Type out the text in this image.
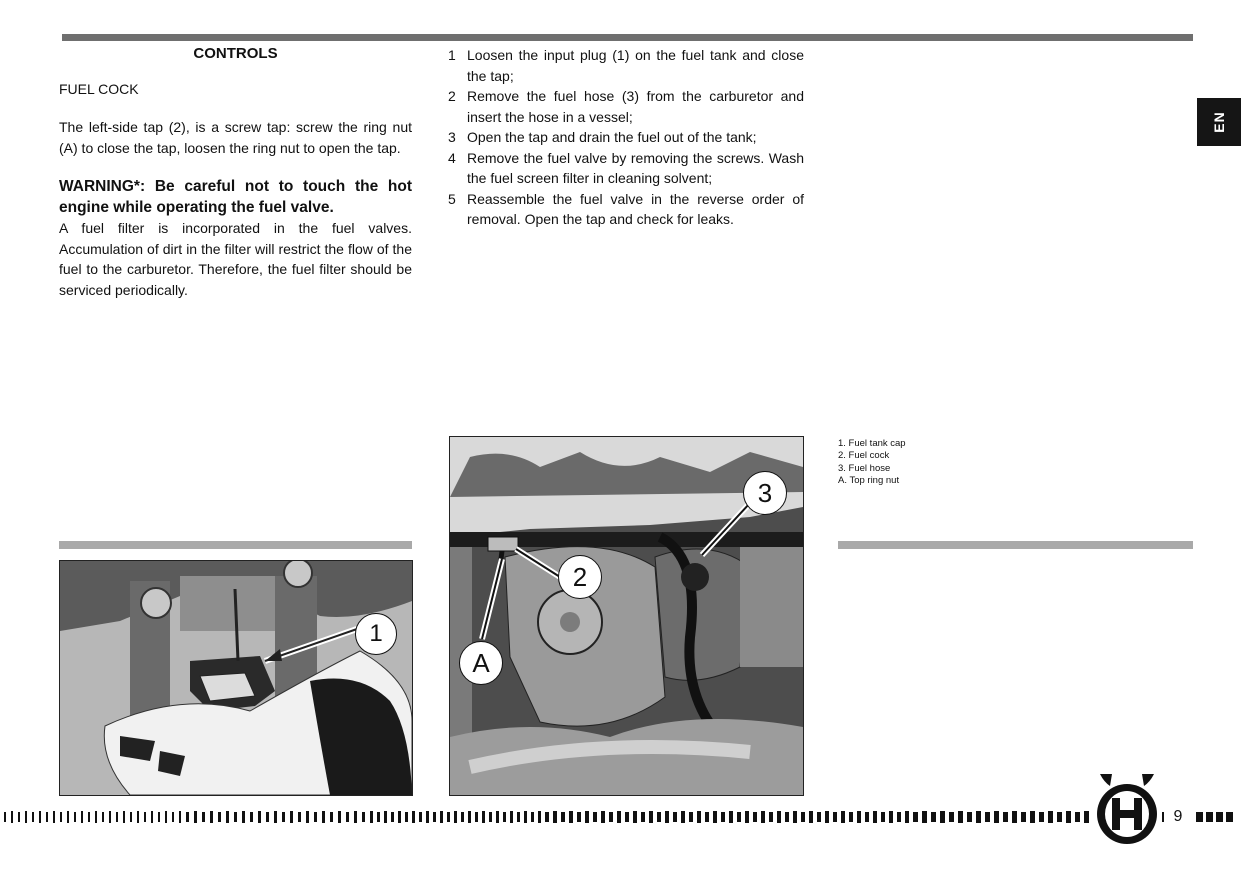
EN
CONTROLS
FUEL COCK

The left-side tap (2), is a screw tap: screw the ring nut (A) to close the tap, loosen the ring nut to open the tap.

WARNING*: Be careful not to touch the hot engine while operating the fuel valve.

A fuel filter is incorporated in the fuel valves. Accumulation of dirt in the filter will restrict the flow of the fuel to the carburetor. Therefore, the fuel filter should be serviced periodically.

1 Loosen the input plug (1) on the fuel tank and close the tap;
2 Remove the fuel hose (3) from the carburetor and insert the hose in a vessel;
3 Open the tap and drain the fuel out of the tank;
4 Remove the fuel valve by removing the screws. Wash the fuel screen filter in cleaning solvent;
5 Reassemble the fuel valve in the reverse order of removal. Open the tap and check for leaks.
1. Fuel tank cap
2. Fuel cock
3. Fuel hose
A. Top ring nut
1
3
2
A
9
